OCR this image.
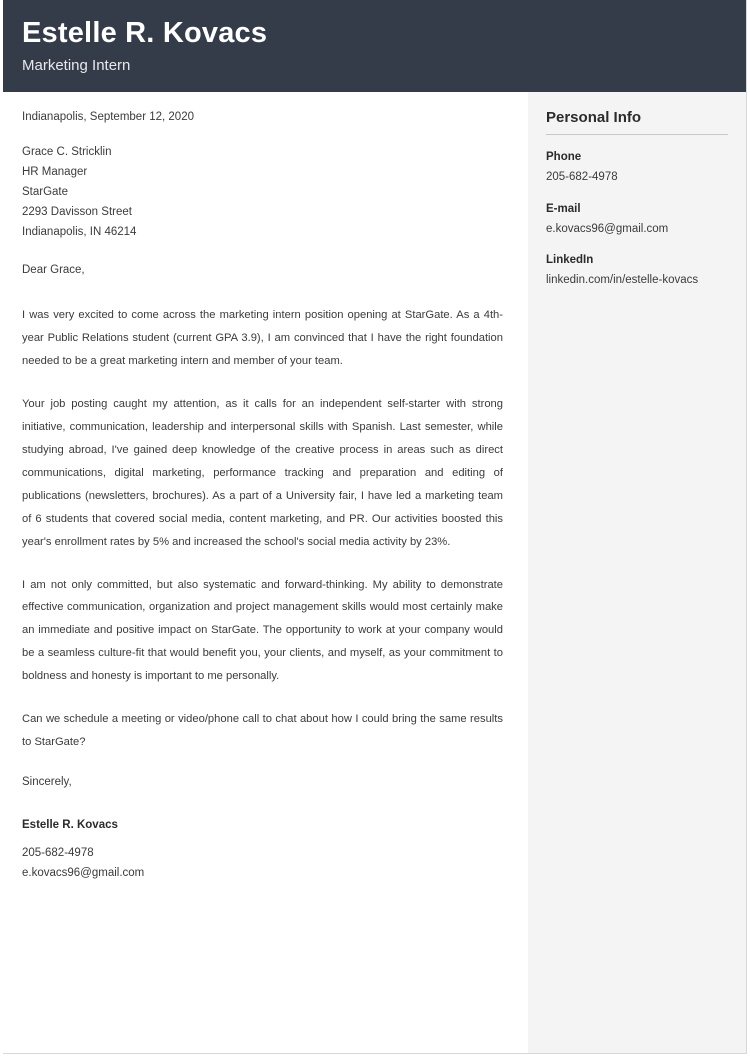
Estelle R. Kovacs
Marketing Intern
Indianapolis, September 12, 2020
Grace C. Stricklin
HR Manager
StarGate
2293 Davisson Street
Indianapolis, IN 46214
Dear Grace,

I was very excited to come across the marketing intern position opening at StarGate. As a 4th-year Public Relations student (current GPA 3.9), I am convinced that I have the right foundation needed to be a great marketing intern and member of your team.

Your job posting caught my attention, as it calls for an independent self-starter with strong initiative, communication, leadership and interpersonal skills with Spanish. Last semester, while studying abroad, I've gained deep knowledge of the creative process in areas such as direct communications, digital marketing, performance tracking and preparation and editing of publications (newsletters, brochures). As a part of a University fair, I have led a marketing team of 6 students that covered social media, content marketing, and PR. Our activities boosted this year's enrollment rates by 5% and increased the school's social media activity by 23%.

I am not only committed, but also systematic and forward-thinking. My ability to demonstrate effective communication, organization and project management skills would most certainly make an immediate and positive impact on StarGate. The opportunity to work at your company would be a seamless culture-fit that would benefit you, your clients, and myself, as your commitment to boldness and honesty is important to me personally.

Can we schedule a meeting or video/phone call to chat about how I could bring the same results to StarGate?

Sincerely,
Estelle R. Kovacs
205-682-4978
e.kovacs96@gmail.com
Personal Info
Phone
205-682-4978
E-mail
e.kovacs96@gmail.com
LinkedIn
linkedin.com/in/estelle-kovacs
